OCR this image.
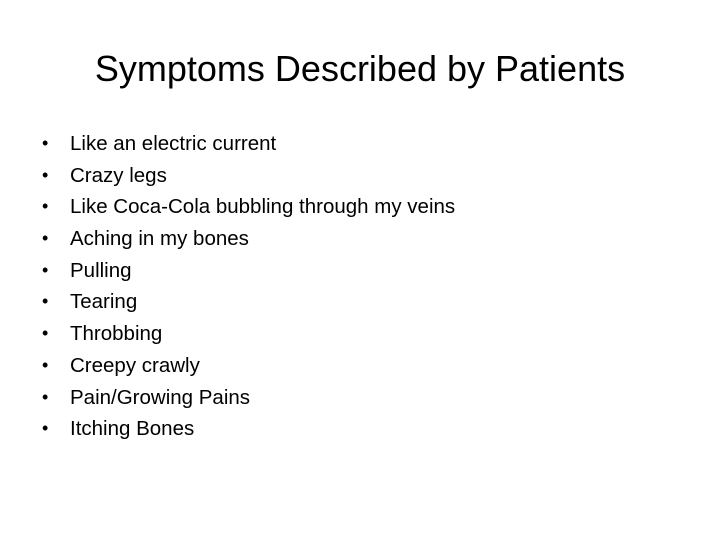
Symptoms Described by Patients
•	Like an electric current
•	Crazy legs
•	Like Coca-Cola bubbling through my veins
•	Aching in my bones
•	Pulling
•	Tearing
•	Throbbing
•	Creepy crawly
•	Pain/Growing Pains
•	Itching Bones
